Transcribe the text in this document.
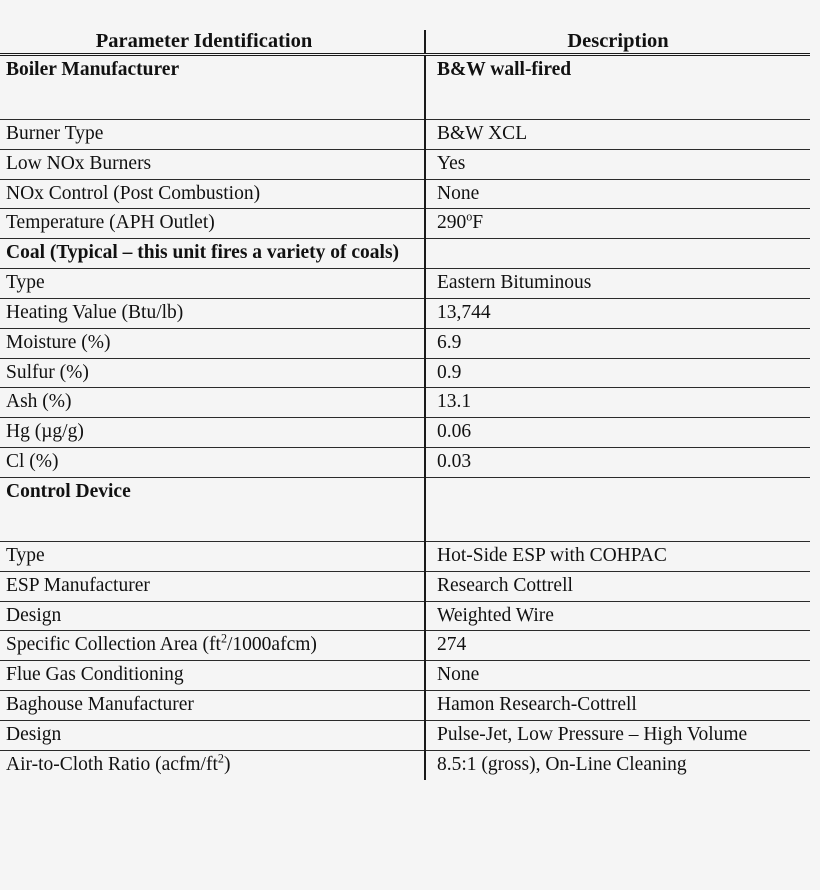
Parameter Identification	Description
Boiler Manufacturer	B&W wall-fired
Burner Type	B&W XCL
Low NOx Burners	Yes
NOx Control (Post Combustion)	None
Temperature (APH Outlet)	290$^o$F
Coal (Typical – this unit fires a variety of coals)	
Type	Eastern Bituminous
Heating Value (Btu/lb)	13,744
Moisture (%)	6.9
Sulfur (%)	0.9
Ash (%)	13.1
Hg (µg/g)	0.06
Cl (%)	0.03
Control Device	
Type	Hot-Side ESP with COHPAC
ESP Manufacturer	Research Cottrell
Design	Weighted Wire
Specific Collection Area $(ft^2/1000afcm)$	274
Flue Gas Conditioning	None
Baghouse Manufacturer	Hamon Research-Cottrell
Design	Pulse-Jet, Low Pressure – High Volume
Air-to-Cloth Ratio $(acfm/ft^2)$	8.5:1 (gross), On-Line Cleaning
